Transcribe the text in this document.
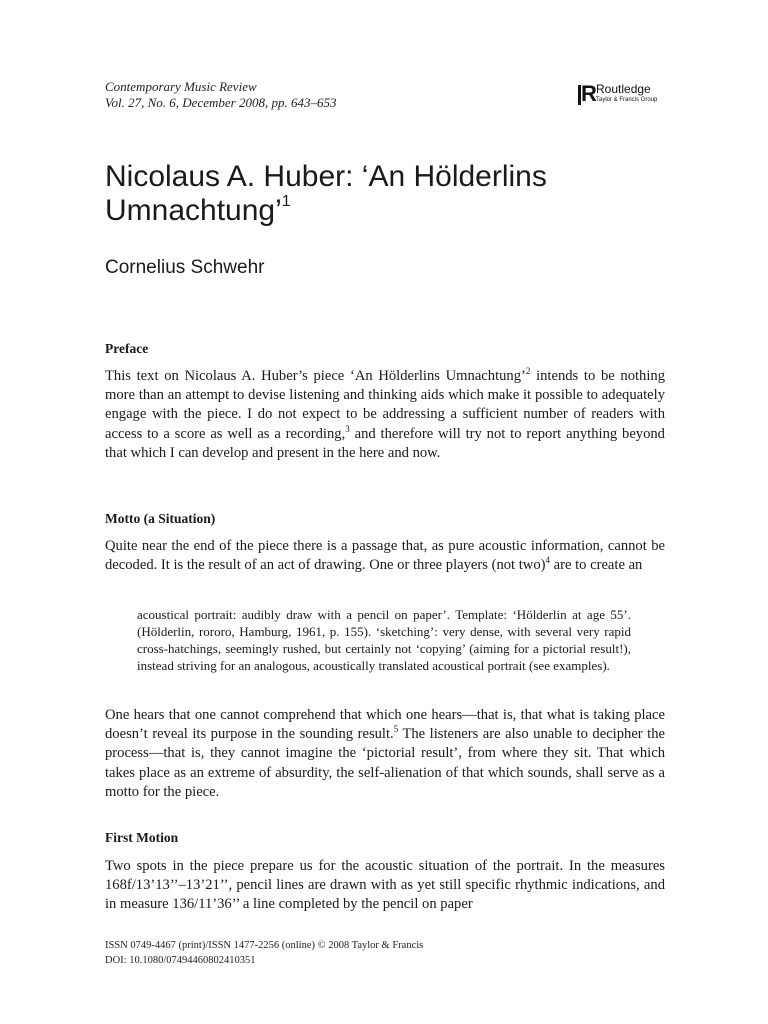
Contemporary Music Review
Vol. 27, No. 6, December 2008, pp. 643–653	R Routledge
Taylor & Francis Group
Nicolaus A. Huber: ‘An Hölderlins Umnachtung’$^1$
Cornelius Schwehr
Preface

This text on Nicolaus A. Huber’s piece ‘An Hölderlins Umnachtung’$^2$ intends to be nothing more than an attempt to devise listening and thinking aids which make it possible to adequately engage with the piece. I do not expect to be addressing a sufficient number of readers with access to a score as well as a recording,$^3$ and therefore will try not to report anything beyond that which I can develop and present in the here and now.

Motto (a Situation)

Quite near the end of the piece there is a passage that, as pure acoustic information, cannot be decoded. It is the result of an act of drawing. One or three players (not two)$^4$ are to create an

acoustical portrait: audibly draw with a pencil on paper’. Template: ‘Hölderlin at age 55’. (Hölderlin, rororo, Hamburg, 1961, p. 155). ‘sketching’: very dense, with several very rapid cross-hatchings, seemingly rushed, but certainly not ‘copying’ (aiming for a pictorial result!), instead striving for an analogous, acoustically translated acoustical portrait (see examples).

One hears that one cannot comprehend that which one hears—that is, that what is taking place doesn’t reveal its purpose in the sounding result.$^5$ The listeners are also unable to decipher the process—that is, they cannot imagine the ‘pictorial result’, from where they sit. That which takes place as an extreme of absurdity, the self-alienation of that which sounds, shall serve as a motto for the piece.

First Motion

Two spots in the piece prepare us for the acoustic situation of the portrait. In the measures 168f/13’13’’–13’21’’, pencil lines are drawn with as yet still specific rhythmic indications, and in measure 136/11’36’’ a line completed by the pencil on paper

ISSN 0749-4467 (print)/ISSN 1477-2256 (online) © 2008 Taylor & Francis
DOI: 10.1080/07494460802410351
